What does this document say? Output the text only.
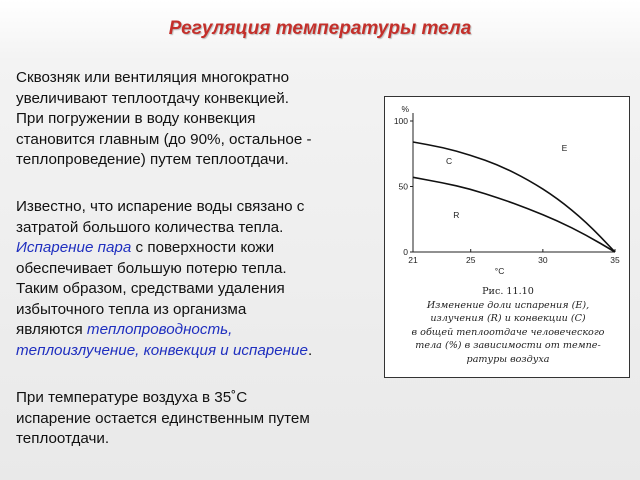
Регуляция температуры тела
Сквозняк или вентиляция многократно
увеличивают теплоотдачу конвекцией.
При погружении в воду конвекция
становится главным (до 90%, остальное -
теплопроведение) путем теплоотдачи.
Известно, что испарение воды связано с
затратой большого количества тепла.
Испарение пара с поверхности кожи
обеспечивает большую потерю тепла.
Таким образом, средствами удаления
избыточного тепла из организма
являются теплопроводность,
теплоизлучение, конвекция и испарение.
При температуре воздуха в 35˚С
испарение остается единственным путем
теплоотдачи.
0
50
100
21	25	30	35
%
°C
E
C
R
Рис. 11.10
Изменение доли испарения (E),
излучения (R) и конвекции (C)
в общей теплоотдаче человеческого
тела (%) в зависимости от темпе-
ратуры воздуха
